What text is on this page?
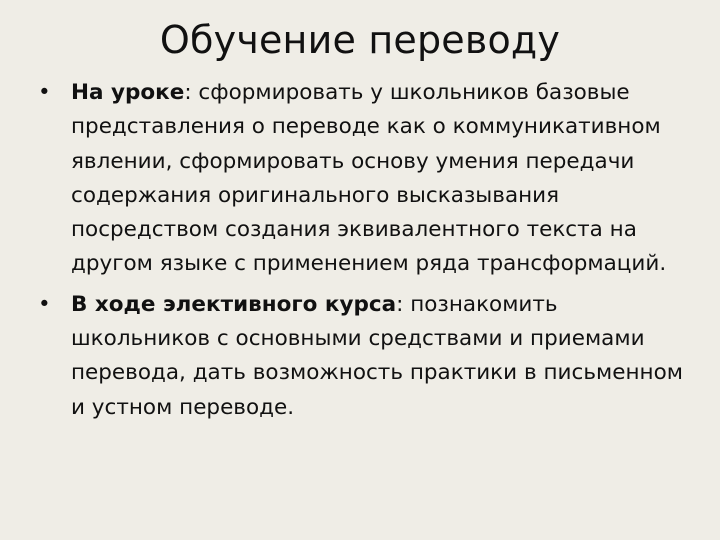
Обучение переводу
• На уроке: сформировать у школьников базовые представления о переводе как о коммуникативном явлении, сформировать основу умения передачи содержания оригинального высказывания посредством создания эквивалентного текста на другом языке с применением ряда трансформаций.
• В ходе элективного курса: познакомить школьников с основными средствами и приемами перевода, дать возможность практики в письменном и устном переводе.
